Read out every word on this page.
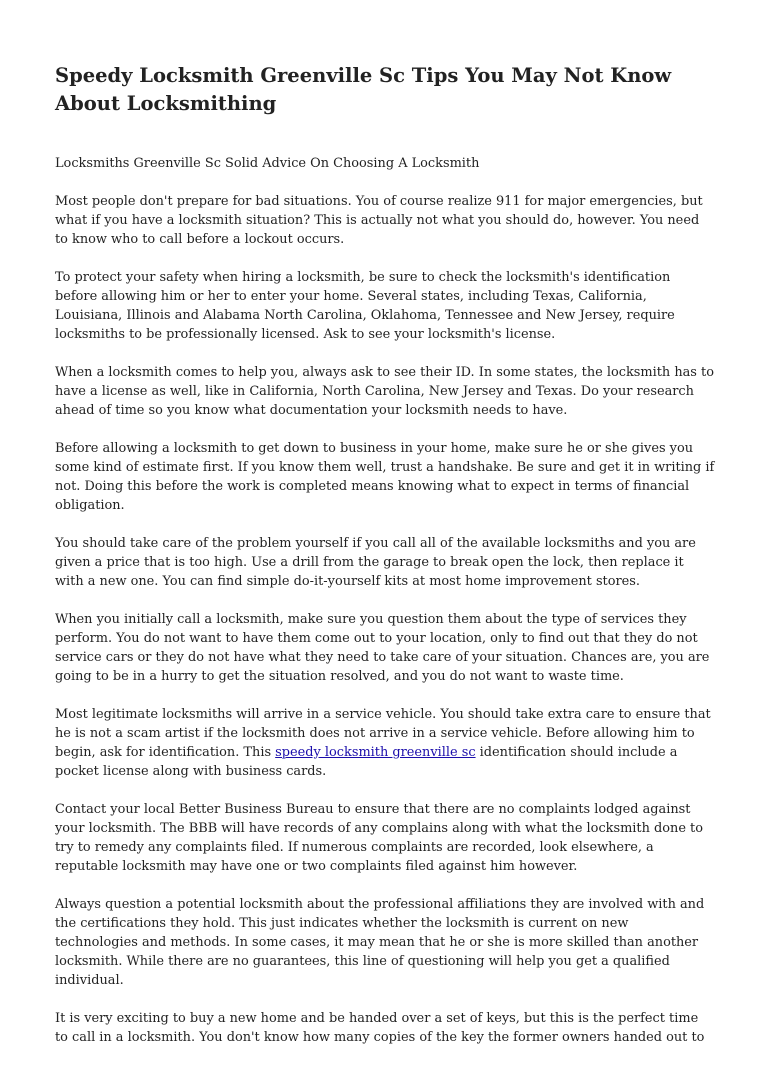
Speedy Locksmith Greenville Sc Tips You May Not Know About Locksmithing

Locksmiths Greenville Sc Solid Advice On Choosing A Locksmith

Most people don't prepare for bad situations. You of course realize 911 for major emergencies, but what if you have a locksmith situation? This is actually not what you should do, however. You need to know who to call before a lockout occurs.

To protect your safety when hiring a locksmith, be sure to check the locksmith's identification before allowing him or her to enter your home. Several states, including Texas, California, Louisiana, Illinois and Alabama North Carolina, Oklahoma, Tennessee and New Jersey, require locksmiths to be professionally licensed. Ask to see your locksmith's license.

When a locksmith comes to help you, always ask to see their ID. In some states, the locksmith has to have a license as well, like in California, North Carolina, New Jersey and Texas. Do your research ahead of time so you know what documentation your locksmith needs to have.

Before allowing a locksmith to get down to business in your home, make sure he or she gives you some kind of estimate first. If you know them well, trust a handshake. Be sure and get it in writing if not. Doing this before the work is completed means knowing what to expect in terms of financial obligation.

You should take care of the problem yourself if you call all of the available locksmiths and you are given a price that is too high. Use a drill from the garage to break open the lock, then replace it with a new one. You can find simple do-it-yourself kits at most home improvement stores.

When you initially call a locksmith, make sure you question them about the type of services they perform. You do not want to have them come out to your location, only to find out that they do not service cars or they do not have what they need to take care of your situation. Chances are, you are going to be in a hurry to get the situation resolved, and you do not want to waste time.

Most legitimate locksmiths will arrive in a service vehicle. You should take extra care to ensure that he is not a scam artist if the locksmith does not arrive in a service vehicle. Before allowing him to begin, ask for identification. This speedy locksmith greenville sc identification should include a pocket license along with business cards.

Contact your local Better Business Bureau to ensure that there are no complaints lodged against your locksmith. The BBB will have records of any complains along with what the locksmith done to try to remedy any complaints filed. If numerous complaints are recorded, look elsewhere, a reputable locksmith may have one or two complaints filed against him however.

Always question a potential locksmith about the professional affiliations they are involved with and the certifications they hold. This just indicates whether the locksmith is current on new technologies and methods. In some cases, it may mean that he or she is more skilled than another locksmith. While there are no guarantees, this line of questioning will help you get a qualified individual.

It is very exciting to buy a new home and be handed over a set of keys, but this is the perfect time to call in a locksmith. You don't know how many copies of the key the former owners handed out to
